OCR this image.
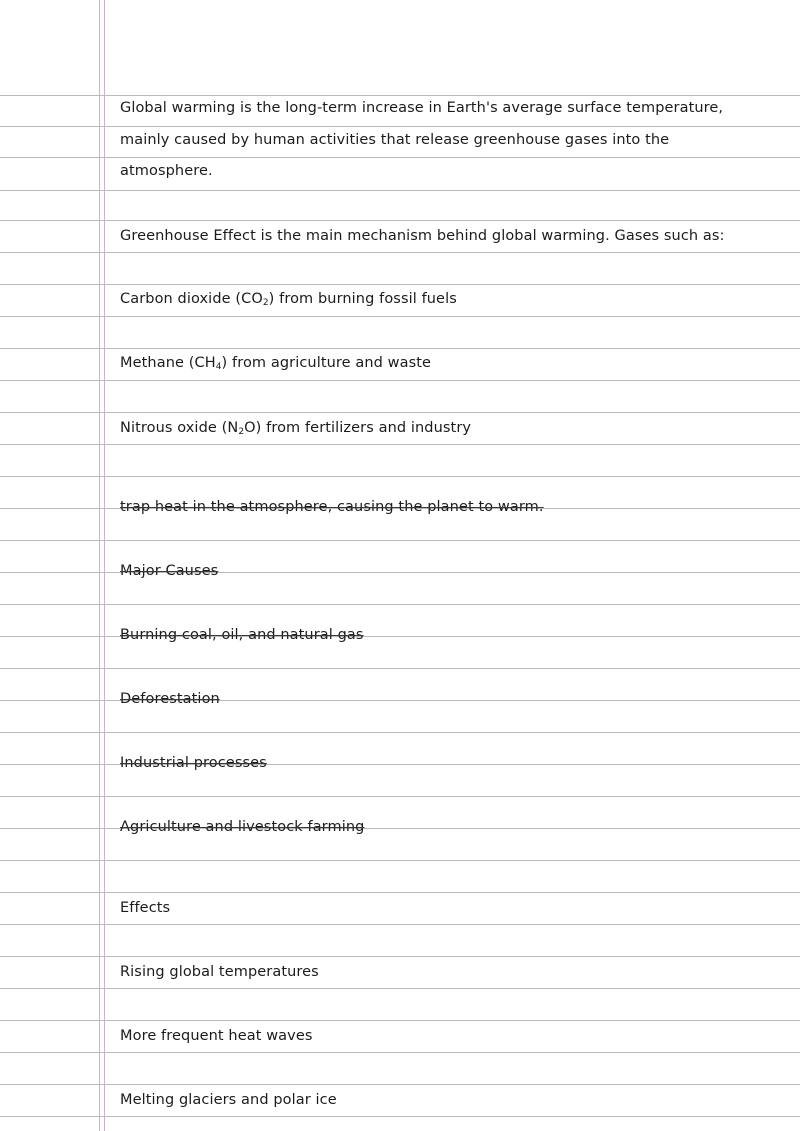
Global warming is the long-term increase in Earth's average surface temperature,
mainly caused by human activities that release greenhouse gases into the
atmosphere.
Greenhouse Effect is the main mechanism behind global warming. Gases such as:
Carbon dioxide $(CO_2)$ from burning fossil fuels
Methane $(CH_4)$ from agriculture and waste
Nitrous oxide $(N_2O)$ from fertilizers and industry
trap heat in the atmosphere, causing the planet to warm.
Major Causes
Burning coal, oil, and natural gas
Deforestation
Industrial processes
Agriculture and livestock farming
Effects
Rising global temperatures
More frequent heat waves
Melting glaciers and polar ice
